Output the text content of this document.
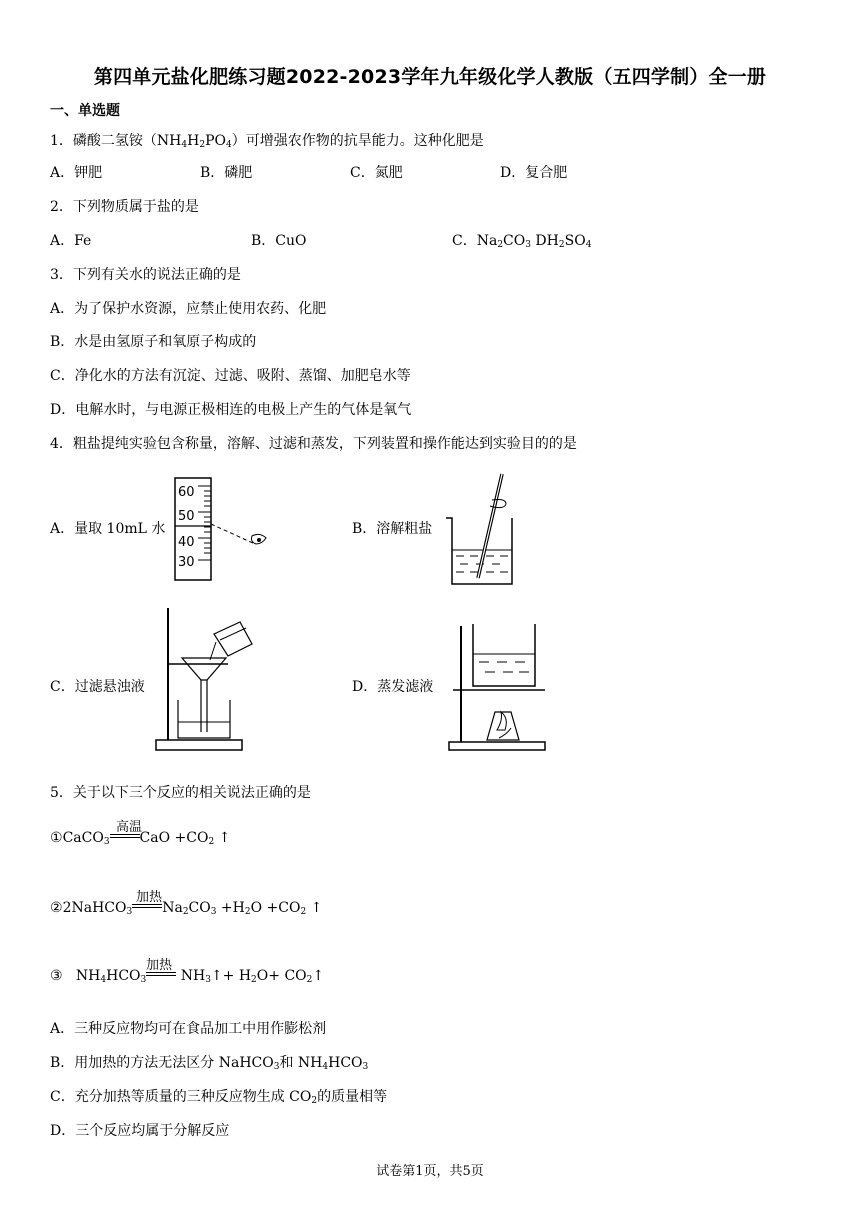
第四单元盐化肥练习题2022-2023学年九年级化学人教版（五四学制）全一册
一、单选题
1．磷酸二氢铵$(NH_4H_2PO_4)$可增强农作物的抗旱能力。这种化肥是
A．钾肥	B．磷肥	C．氮肥	D．复合肥
2．下列物质属于盐的是
A．Fe	B．CuO	C．$Na_2CO_3$ $DH_2SO_4$
3．下列有关水的说法正确的是
A．为了保护水资源，应禁止使用农药、化肥
B．水是由氢原子和氧原子构成的
C．净化水的方法有沉淀、过滤、吸附、蒸馏、加肥皂水等
D．电解水时，与电源正极相连的电极上产生的气体是氧气
4．粗盐提纯实验包含称量，溶解、过滤和蒸发，下列装置和操作能达到实验目的的是
A．量取 10mL 水	B．溶解粗盐
C．过滤悬浊液	D．蒸发滤液
60
50
40
30
5．关于以下三个反应的相关说法正确的是
①CaCO$_3$ CaO $+CO_2$ ↑
高温
②2NaHCO$_3$ $Na_2CO_3 +H_2O +CO_2$ ↑
加热
③ $NH_4HCO_3$ $NH_3↑+ H_2O+$ $CO_2↑$
加热
A．三种反应物均可在食品加工中用作膨松剂
B．用加热的方法无法区分 NaHCO$_3$和 $NH_4HCO_3$
C．充分加热等质量的三种反应物生成 $CO_2$的质量相等
D．三个反应均属于分解反应
试卷第1页，共5页
